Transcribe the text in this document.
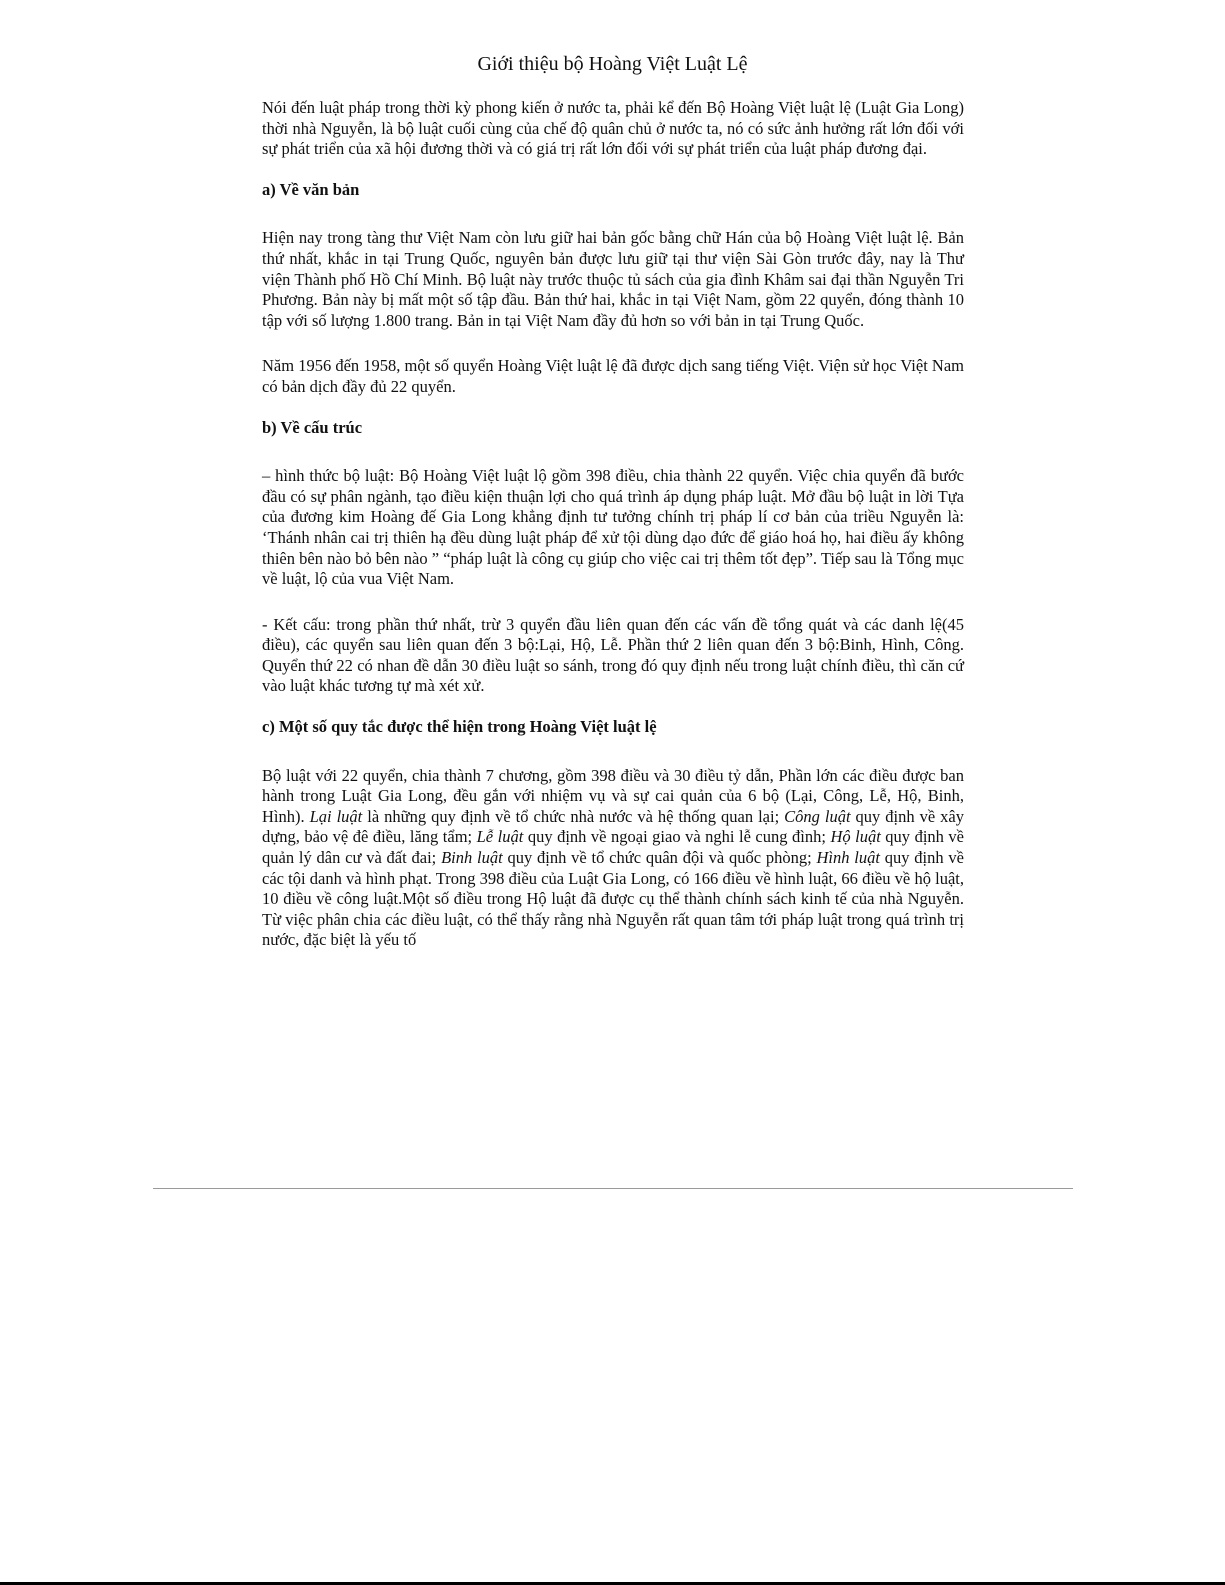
Giới thiệu bộ Hoàng Việt Luật Lệ

Nói đến luật pháp trong thời kỳ phong kiến ở nước ta, phải kể đến Bộ Hoàng Việt luật lệ (Luật Gia Long) thời nhà Nguyễn, là bộ luật cuối cùng của chế độ quân chủ ở nước ta, nó có sức ảnh hưởng rất lớn đối với sự phát triển của xã hội đương thời và có giá trị rất lớn đối với sự phát triển của luật pháp đương đại.

a) Về văn bản

Hiện nay trong tàng thư Việt Nam còn lưu giữ hai bản gốc bằng chữ Hán của bộ Hoàng Việt luật lệ. Bản thứ nhất, khắc in tại Trung Quốc, nguyên bản được lưu giữ tại thư viện Sài Gòn trước đây, nay là Thư viện Thành phố Hồ Chí Minh. Bộ luật này trước thuộc tủ sách của gia đình Khâm sai đại thần Nguyễn Tri Phương. Bản này bị mất một số tập đầu. Bản thứ hai, khắc in tại Việt Nam, gồm 22 quyển, đóng thành 10 tập với số lượng 1.800 trang. Bản in tại Việt Nam đầy đủ hơn so với bản in tại Trung Quốc.

Năm 1956 đến 1958, một số quyển Hoàng Việt luật lệ đã được dịch sang tiếng Việt. Viện sử học Việt Nam có bản dịch đầy đủ 22 quyển.

b) Về cấu trúc

– hình thức bộ luật: Bộ Hoàng Việt luật lộ gồm 398 điều, chia thành 22 quyển. Việc chia quyển đã bước đầu có sự phân ngành, tạo điều kiện thuận lợi cho quá trình áp dụng pháp luật. Mở đầu bộ luật in lời Tựa của đương kim Hoàng đế Gia Long khẳng định tư tưởng chính trị pháp lí cơ bản của triều Nguyễn là: ‘Thánh nhân cai trị thiên hạ đều dùng luật pháp để xử tội dùng dạo đức để giáo hoá họ, hai điều ấy không thiên bên nào bỏ bên nào ” “pháp luật là công cụ giúp cho việc cai trị thêm tốt đẹp”. Tiếp sau là Tổng mục về luật, lộ của vua Việt Nam.

- Kết cấu: trong phần thứ nhất, trừ 3 quyển đầu liên quan đến các vấn đề tổng quát và các danh lệ(45 điều), các quyển sau liên quan đến 3 bộ:Lại, Hộ, Lễ. Phần thứ 2 liên quan đến 3 bộ:Binh, Hình, Công. Quyển thứ 22 có nhan đề dẫn 30 điều luật so sánh, trong đó quy định nếu trong luật chính điều, thì căn cứ vào luật khác tương tự mà xét xử.

c) Một số quy tắc được thể hiện trong Hoàng Việt luật lệ

Bộ luật với 22 quyển, chia thành 7 chương, gồm 398 điều và 30 điều tỷ dẫn, Phần lớn các điều được ban hành trong Luật Gia Long, đều gắn với nhiệm vụ và sự cai quản của 6 bộ (Lại, Công, Lễ, Hộ, Binh, Hình). Lại luật là những quy định về tổ chức nhà nước và hệ thống quan lại; Công luật quy định về xây dựng, bảo vệ đê điều, lăng tẩm; Lễ luật quy định về ngoại giao và nghi lễ cung đình; Hộ luật quy định về quản lý dân cư và đất đai; Binh luật quy định về tổ chức quân đội và quốc phòng; Hình luật quy định về các tội danh và hình phạt. Trong 398 điều của Luật Gia Long, có 166 điều về hình luật, 66 điều về hộ luật, 10 điều về công luật.Một số điều trong Hộ luật đã được cụ thể thành chính sách kinh tế của nhà Nguyễn. Từ việc phân chia các điều luật, có thể thấy rằng nhà Nguyễn rất quan tâm tới pháp luật trong quá trình trị nước, đặc biệt là yếu tố
